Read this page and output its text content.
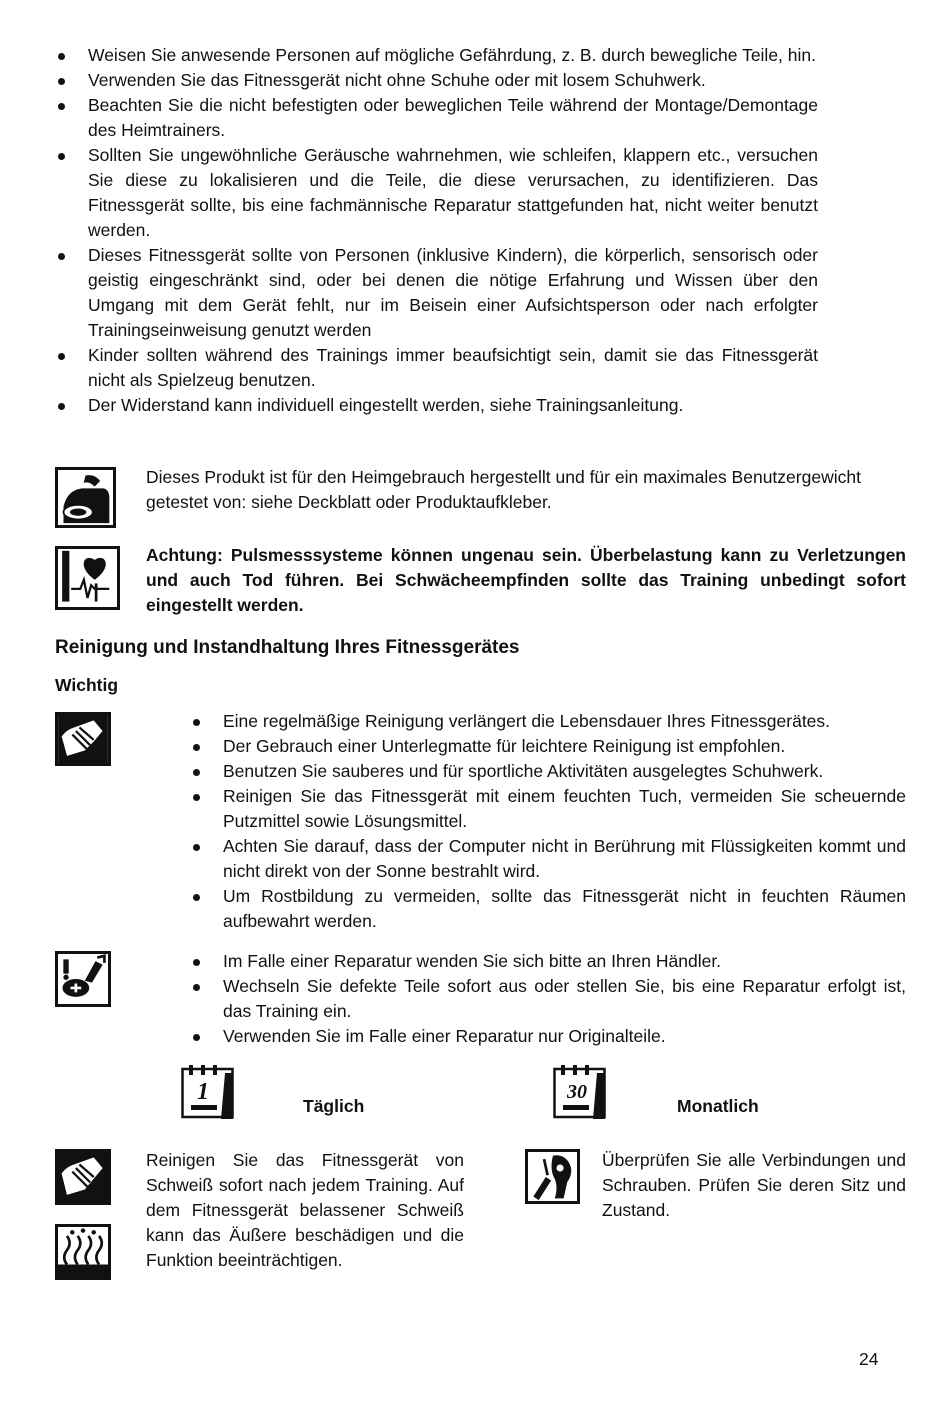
Weisen Sie anwesende Personen auf mögliche Gefährdung, z. B. durch bewegliche Teile, hin.
Verwenden Sie das Fitnessgerät nicht ohne Schuhe oder mit losem Schuhwerk.
Beachten Sie die nicht befestigten oder beweglichen Teile während der Montage/Demontage des Heimtrainers.
Sollten Sie ungewöhnliche Geräusche wahrnehmen, wie schleifen, klappern etc., versuchen Sie diese zu lokalisieren und die Teile, die diese verursachen, zu identifizieren. Das Fitnessgerät sollte, bis eine fachmännische Reparatur stattgefunden hat, nicht weiter benutzt werden.
Dieses Fitnessgerät sollte von Personen (inklusive Kindern), die körperlich, sensorisch oder geistig eingeschränkt sind, oder bei denen die nötige Erfahrung und Wissen über den Umgang mit dem Gerät fehlt, nur im Beisein einer Aufsichtsperson oder nach erfolgter Trainingseinweisung genutzt werden
Kinder sollten während des Trainings immer beaufsichtigt sein, damit sie das Fitnessgerät nicht als Spielzeug benutzen.
Der Widerstand kann individuell eingestellt werden, siehe Trainingsanleitung.
Dieses Produkt ist für den Heimgebrauch hergestellt und für ein maximales Benutzergewicht getestet von: siehe Deckblatt oder Produktaufkleber.
Achtung: Pulsmesssysteme können ungenau sein. Überbelastung kann zu Verletzungen und auch Tod führen. Bei Schwächeempfinden sollte das Training unbedingt sofort eingestellt werden.
Reinigung und Instandhaltung Ihres Fitnessgerätes
Wichtig
Eine regelmäßige Reinigung verlängert die Lebensdauer Ihres Fitnessgerätes.
Der Gebrauch einer Unterlegmatte für leichtere Reinigung ist empfohlen.
Benutzen Sie sauberes und für sportliche Aktivitäten ausgelegtes Schuhwerk.
Reinigen Sie das Fitnessgerät mit einem feuchten Tuch, vermeiden Sie scheuernde Putzmittel sowie Lösungsmittel.
Achten Sie darauf, dass der Computer nicht in Berührung mit Flüssigkeiten kommt und nicht direkt von der Sonne bestrahlt wird.
Um Rostbildung zu vermeiden, sollte das Fitnessgerät nicht in feuchten Räumen aufbewahrt werden.
Im Falle einer Reparatur wenden Sie sich bitte an Ihren Händler.
Wechseln Sie defekte Teile sofort aus oder stellen Sie, bis eine Reparatur erfolgt ist, das Training ein.
Verwenden Sie im Falle einer Reparatur nur Originalteile.
1
Täglich
30
Monatlich
Reinigen Sie das Fitnessgerät von Schweiß sofort nach jedem Training. Auf dem Fitnessgerät belassener Schweiß kann das Äußere beschädigen und die Funktion beeinträchtigen.
Überprüfen Sie alle Verbindungen und Schrauben. Prüfen Sie deren Sitz und Zustand.
24
